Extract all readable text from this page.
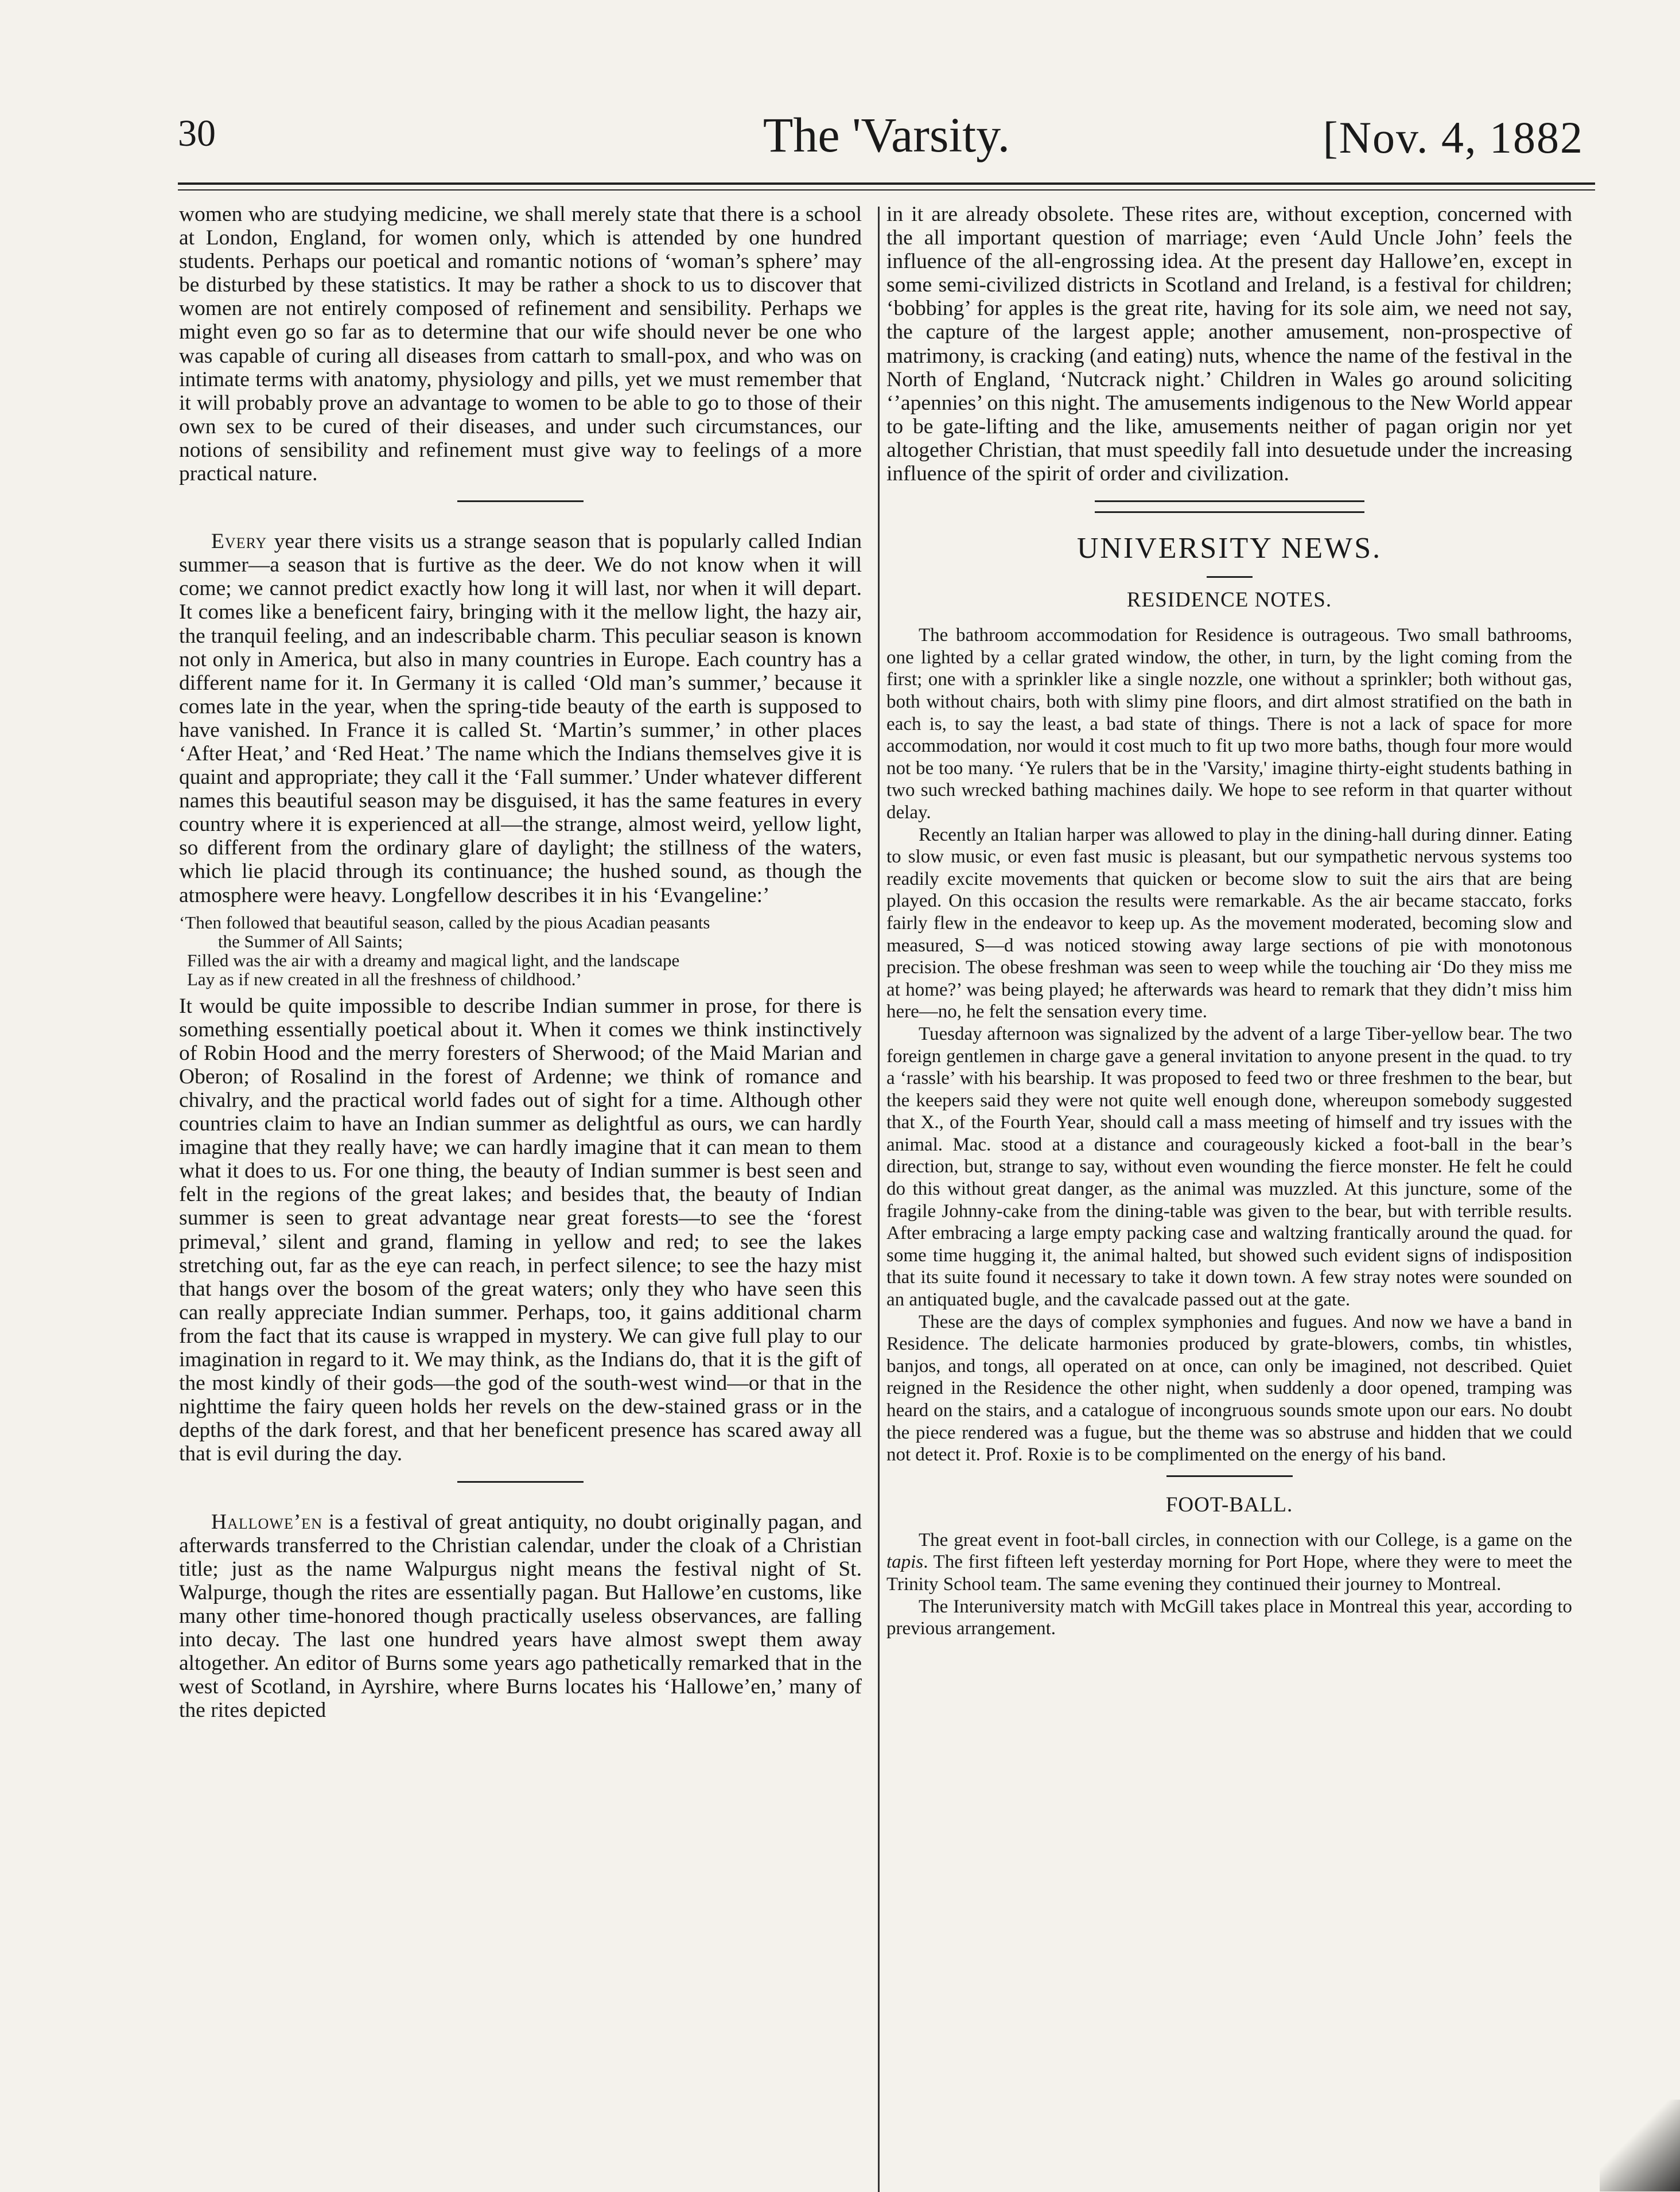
30	The 'Varsity.	[Nov. 4, 1882

women who are studying medicine, we shall merely state that there is a school at London, England, for women only, which is attended by one hundred students. Perhaps our poetical and romantic notions of ‘woman’s sphere’ may be disturbed by these statistics. It may be rather a shock to us to discover that women are not entirely composed of refinement and sensibility. Perhaps we might even go so far as to determine that our wife should never be one who was capable of curing all diseases from cattarh to small-pox, and who was on intimate terms with anatomy, physiology and pills, yet we must remember that it will probably prove an advantage to women to be able to go to those of their own sex to be cured of their diseases, and under such circumstances, our notions of sensibility and refinement must give way to feelings of a more practical nature.

Every year there visits us a strange season that is popularly called Indian summer—a season that is furtive as the deer. We do not know when it will come; we cannot predict exactly how long it will last, nor when it will depart. It comes like a beneficent fairy, bringing with it the mellow light, the hazy air, the tranquil feeling, and an indescribable charm. This peculiar season is known not only in America, but also in many countries in Europe. Each country has a different name for it. In Germany it is called ‘Old man’s summer,’ because it comes late in the year, when the spring-tide beauty of the earth is supposed to have vanished. In France it is called St. ‘Martin’s summer,’ in other places ‘After Heat,’ and ‘Red Heat.’ The name which the Indians themselves give it is quaint and appropriate; they call it the ‘Fall summer.’ Under whatever different names this beautiful season may be disguised, it has the same features in every country where it is experienced at all—the strange, almost weird, yellow light, so different from the ordinary glare of daylight; the stillness of the waters, which lie placid through its continuance; the hushed sound, as though the atmosphere were heavy. Longfellow describes it in his ‘Evangeline:’

‘Then followed that beautiful season, called by the pious Acadian peasants
the Summer of All Saints;
Filled was the air with a dreamy and magical light, and the landscape
Lay as if new created in all the freshness of childhood.’

It would be quite impossible to describe Indian summer in prose, for there is something essentially poetical about it. When it comes we think instinctively of Robin Hood and the merry foresters of Sherwood; of the Maid Marian and Oberon; of Rosalind in the forest of Ardenne; we think of romance and chivalry, and the practical world fades out of sight for a time. Although other countries claim to have an Indian summer as delightful as ours, we can hardly imagine that they really have; we can hardly imagine that it can mean to them what it does to us. For one thing, the beauty of Indian summer is best seen and felt in the regions of the great lakes; and besides that, the beauty of Indian summer is seen to great advantage near great forests—to see the ‘forest primeval,’ silent and grand, flaming in yellow and red; to see the lakes stretching out, far as the eye can reach, in perfect silence; to see the hazy mist that hangs over the bosom of the great waters; only they who have seen this can really appreciate Indian summer. Perhaps, too, it gains additional charm from the fact that its cause is wrapped in mystery. We can give full play to our imagination in regard to it. We may think, as the Indians do, that it is the gift of the most kindly of their gods—the god of the south-west wind—or that in the nighttime the fairy queen holds her revels on the dew-stained grass or in the depths of the dark forest, and that her beneficent presence has scared away all that is evil during the day.

Hallowe’en is a festival of great antiquity, no doubt originally pagan, and afterwards transferred to the Christian calendar, under the cloak of a Christian title; just as the name Walpurgus night means the festival night of St. Walpurge, though the rites are essentially pagan. But Hallowe’en customs, like many other time-honored though practically useless observances, are falling into decay. The last one hundred years have almost swept them away altogether. An editor of Burns some years ago pathetically remarked that in the west of Scotland, in Ayrshire, where Burns locates his ‘Hallowe’en,’ many of the rites depicted

in it are already obsolete. These rites are, without exception, concerned with the all important question of marriage; even ‘Auld Uncle John’ feels the influence of the all-engrossing idea. At the present day Hallowe’en, except in some semi-civilized districts in Scotland and Ireland, is a festival for children; ‘bobbing’ for apples is the great rite, having for its sole aim, we need not say, the capture of the largest apple; another amusement, non-prospective of matrimony, is cracking (and eating) nuts, whence the name of the festival in the North of England, ‘Nutcrack night.’ Children in Wales go around soliciting ‘’apennies’ on this night. The amusements indigenous to the New World appear to be gate-lifting and the like, amusements neither of pagan origin nor yet altogether Christian, that must speedily fall into desuetude under the increasing influence of the spirit of order and civilization.

UNIVERSITY NEWS.
RESIDENCE NOTES.

The bathroom accommodation for Residence is outrageous. Two small bathrooms, one lighted by a cellar grated window, the other, in turn, by the light coming from the first; one with a sprinkler like a single nozzle, one without a sprinkler; both without gas, both without chairs, both with slimy pine floors, and dirt almost stratified on the bath in each is, to say the least, a bad state of things. There is not a lack of space for more accommodation, nor would it cost much to fit up two more baths, though four more would not be too many. ‘Ye rulers that be in the 'Varsity,' imagine thirty-eight students bathing in two such wrecked bathing machines daily. We hope to see reform in that quarter without delay.

Recently an Italian harper was allowed to play in the dining-hall during dinner. Eating to slow music, or even fast music is pleasant, but our sympathetic nervous systems too readily excite movements that quicken or become slow to suit the airs that are being played. On this occasion the results were remarkable. As the air became staccato, forks fairly flew in the endeavor to keep up. As the movement moderated, becoming slow and measured, S—d was noticed stowing away large sections of pie with monotonous precision. The obese freshman was seen to weep while the touching air ‘Do they miss me at home?’ was being played; he afterwards was heard to remark that they didn’t miss him here—no, he felt the sensation every time.

Tuesday afternoon was signalized by the advent of a large Tiber-yellow bear. The two foreign gentlemen in charge gave a general invitation to anyone present in the quad. to try a ‘rassle’ with his bearship. It was proposed to feed two or three freshmen to the bear, but the keepers said they were not quite well enough done, whereupon somebody suggested that X., of the Fourth Year, should call a mass meeting of himself and try issues with the animal. Mac. stood at a distance and courageously kicked a foot-ball in the bear’s direction, but, strange to say, without even wounding the fierce monster. He felt he could do this without great danger, as the animal was muzzled. At this juncture, some of the fragile Johnny-cake from the dining-table was given to the bear, but with terrible results. After embracing a large empty packing case and waltzing frantically around the quad. for some time hugging it, the animal halted, but showed such evident signs of indisposition that its suite found it necessary to take it down town. A few stray notes were sounded on an antiquated bugle, and the cavalcade passed out at the gate.

These are the days of complex symphonies and fugues. And now we have a band in Residence. The delicate harmonies produced by grate-blowers, combs, tin whistles, banjos, and tongs, all operated on at once, can only be imagined, not described. Quiet reigned in the Residence the other night, when suddenly a door opened, tramping was heard on the stairs, and a catalogue of incongruous sounds smote upon our ears. No doubt the piece rendered was a fugue, but the theme was so abstruse and hidden that we could not detect it. Prof. Roxie is to be complimented on the energy of his band.

FOOT-BALL.

The great event in foot-ball circles, in connection with our College, is a game on the tapis. The first fifteen left yesterday morning for Port Hope, where they were to meet the Trinity School team. The same evening they continued their journey to Montreal.

The Interuniversity match with McGill takes place in Montreal this year, according to previous arrangement.
